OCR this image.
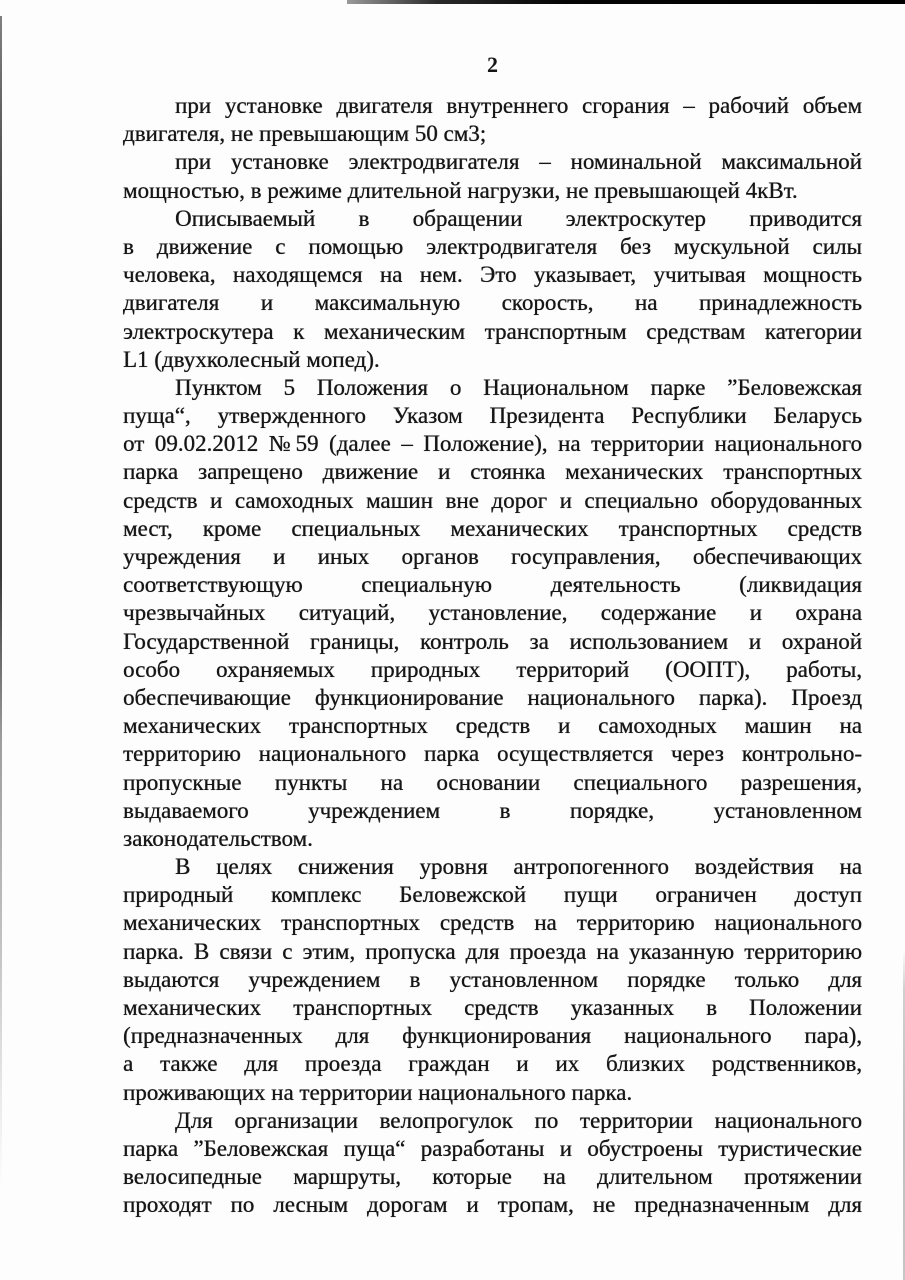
2
при установке двигателя внутреннего сгорания – рабочий объем
двигателя, не превышающим 50 см3;
при установке электродвигателя – номинальной максимальной
мощностью, в режиме длительной нагрузки, не превышающей 4кВт.
Описываемый в обращении электроскутер приводится
в движение с помощью электродвигателя без мускульной силы
человека, находящемся на нем. Это указывает, учитывая мощность
двигателя и максимальную скорость, на принадлежность
электроскутера к механическим транспортным средствам категории
L1 (двухколесный мопед).
Пунктом 5 Положения о Национальном парке ”Беловежская
пуща“, утвержденного Указом Президента Республики Беларусь
от 09.02.2012 №59 (далее – Положение), на территории национального
парка запрещено движение и стоянка механических транспортных
средств и самоходных машин вне дорог и специально оборудованных
мест, кроме специальных механических транспортных средств
учреждения и иных органов госуправления, обеспечивающих
соответствующую специальную деятельность (ликвидация
чрезвычайных ситуаций, установление, содержание и охрана
Государственной границы, контроль за использованием и охраной
особо охраняемых природных территорий (ООПТ), работы,
обеспечивающие функционирование национального парка). Проезд
механических транспортных средств и самоходных машин на
территорию национального парка осуществляется через контрольно-
пропускные пункты на основании специального разрешения,
выдаваемого учреждением в порядке, установленном
законодательством.
В целях снижения уровня антропогенного воздействия на
природный комплекс Беловежской пущи ограничен доступ
механических транспортных средств на территорию национального
парка. В связи с этим, пропуска для проезда на указанную территорию
выдаются учреждением в установленном порядке только для
механических транспортных средств указанных в Положении
(предназначенных для функционирования национального пара),
а также для проезда граждан и их близких родственников,
проживающих на территории национального парка.
Для организации велопрогулок по территории национального
парка ”Беловежская пуща“ разработаны и обустроены туристические
велосипедные маршруты, которые на длительном протяжении
проходят по лесным дорогам и тропам, не предназначенным для
